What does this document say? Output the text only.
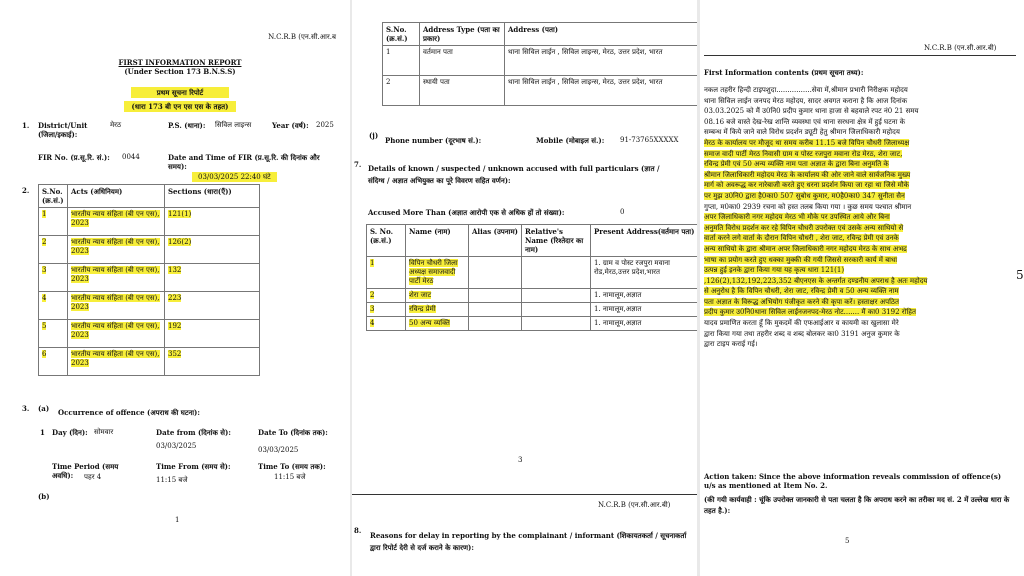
N.C.R.B (एन.सी.आर.ब
FIRST INFORMATION REPORT
(Under Section 173 B.N.S.S)
प्रथम सूचना रिपोर्ट
(धारा 173 बी एन एस एस के तहत)
1. District/Unit (जिला/इकाई):
मेरठ	P.S. (थाना): सिविल लाइन्स	Year (वर्ष): 2025
FIR No. (प्र.सू.रि. सं.): 0044	Date and Time of FIR (प्र.सू.रि. की दिनांक और समय):
03/03/2025 22:40 घंटे
2. S.No. (क्र.सं.)	Acts (अधिनियम)	Sections (धारा(एँ))
1	भारतीय न्याय संहिता (बी एन एस), 2023	121(1)
2	भारतीय न्याय संहिता (बी एन एस), 2023	126(2)
3	भारतीय न्याय संहिता (बी एन एस), 2023	132
4	भारतीय न्याय संहिता (बी एन एस), 2023	223
5	भारतीय न्याय संहिता (बी एन एस), 2023	192
6	भारतीय न्याय संहिता (बी एन एस), 2023	352
3. (a) Occurrence of offence (अपराध की घटना):
1 Day (दिन): सोमवार	Date from (दिनांक से):
03/03/2025
Date To (दिनांक तक):
03/03/2025
Time Period (समय अवधि):	पहर 4
Time From (समय से):
11:15 बजे
Time To (समय तक):
11:15 बजे
(b)
1
S.No. (क्र.सं.)	Address Type (पता का प्रकार)	Address (पता)
1	वर्तमान पता	थाना सिविल लाईन , सिविल लाइन्स, मेरठ, उत्तर प्रदेश, भारत
2	स्थायी पता	थाना सिविल लाईन , सिविल लाइन्स, मेरठ, उत्तर प्रदेश, भारत
(j)
Phone number (दूरभाष सं.):	Mobile (मोबाइल सं.): 91-73765XXXXX
7. Details of known / suspected / unknown accused with full particulars (ज्ञात / संदिग्ध / अज्ञात अभियुक्त का पूरे विवरण सहित वर्णन):
Accused More Than (अज्ञात आरोपी एक से अधिक हों तो संख्या):	0
S. No. (क्र.सं.)	Name (नाम)	Alias (उपनाम)	Relative's Name (रिश्तेदार का नाम)	Present Address(वर्तमान पता)
1	विपिन चौधरी जिला अध्यक्ष समाजवादी पार्टी मेरठ			1. ग्राम व पोस्ट रजपुरा मवाना रोड,मेरठ,उत्तर प्रदेश,भारत
2	शेरा जाट			1. नामालूम,अज्ञात
3	रविन्द्र प्रेमी			1. नामालूम,अज्ञात
4	50 अन्य व्यक्ति			1. नामालूम,अज्ञात
3
N.C.R.B (एन.सी.आर.बी)
8.
Reasons for delay in reporting by the complainant / informant (शिकायतकर्ता / सूचनाकर्ता द्वारा रिपोर्ट देरी से दर्ज कराने के कारण):
N.C.R.B (एन.सी.आर.बी)
First Information contents (प्रथम सूचना तथ्य):
नकल तहरीर हिन्दी टाइपशुदा................सेवा में,श्रीमान प्रभारी निरीक्षक महोदय
थाना सिविल लाईन जनपद मेरठ महोदय, सादर अवगत कराना है कि आज दिनांक
03.03.2025 को मैं उ0नि0 प्रदीप कुमार थाना हाजा से बहवाले रपट नं0 21 समय
08.16 बजे वास्ते देख-रेख शान्ति व्यवस्था एवं थाना सरधना क्षेत्र में हुई घटना के
सम्बन्ध में किये जाने वाले विरोध प्रदर्शन ड्यूटी हेतु श्रीमान जिलाधिकारी महोदय
मेरठ के कार्यालय पर मौजूद था समय करीब 11.15 बजे विपिन चौधरी जिलाध्यक्ष
समाज वादी पार्टी मेरठ निवासी ग्राम व पोस्ट रजपुरा मवाना रोड मेरठ, शेरा जाट,
रविन्द्र प्रेमी एवं 50 अन्य व्यक्ति नाम पता अज्ञात के द्वारा बिना अनुमति के
श्रीमान जिलाधिकारी महोदय मेरठ के कार्यालय की ओर जाने वाले सार्वजनिक मुख्य
मार्ग को अवरूद्ध कर नारेबाजी करते हुए धरना प्रदर्शन किया जा रहा था जिसे मौके
पर मुझ उ0नि0 द्वारा है0का0 507 सुबोध कुमार, म0है0का0 347 सुनीता सैन
गुप्ता, म0का0 2939 रचना को हस्त तलब किया गया । कुछ समय पश्चात श्रीमान
अपर जिलाधिकारी नगर महोदय मेरठ भी मौके पर उपस्थित आये और बिना
अनुमति विरोध प्रदर्शन कर रहे विपिन चौधरी उपरोक्त एवं उसके अन्य साथियो से
वार्ता करने लगे वार्ता के दौरान विपिन चौधरी , शेरा जाट, रविन्द्र प्रेमी एवं उनके
अन्य साथियो के द्वारा श्रीमान अपर जिलाधिकारी नगर महोदय मेरठ के साथ अभद्र
भाषा का प्रयोग करते हुए धक्का मुक्की की गयी जिससे सरकारी कार्य में बाधा
उत्पन्न हुई इनके द्वारा किया गया यह कृत्य धारा 121(1)
,126(2),132,192,223,352 बीएनएस के अन्तर्गत दण्डनीय अपराध है अतः महोदय
से अनुरोध है कि विपिन चौधरी, शेरा जाट, रविन्द्र प्रेमी व 50 अन्य व्यक्ति नाम
पता अज्ञात के विरूद्ध अभियोग पंजीकृत करने की कृपा करें। हस्ताक्षर अपठित
प्रदीप कुमार उ0नि0थाना सिविल लाईनजनपद-मेरठ नोट....... मैं का0 3192 रोहित
यादव प्रमाणित करता हूँ कि मुकदमें की एफआईआर व कायमी का खुलासा मेरे
द्वारा किया गया तथा तहरीर शब्द व शब्द बोलकर का0 3191 अनुज कुमार के
द्वारा टाइप कराई गई।
5
Action taken: Since the above information reveals commission of offence(s) u/s as mentioned at Item No. 2.
(की गयी कार्यवाही : चूंकि उपरोक्त जानकारी से पता चलता है कि अपराध करने का तरीका मद सं. 2 में उल्लेख धारा के तहत है.):
5
